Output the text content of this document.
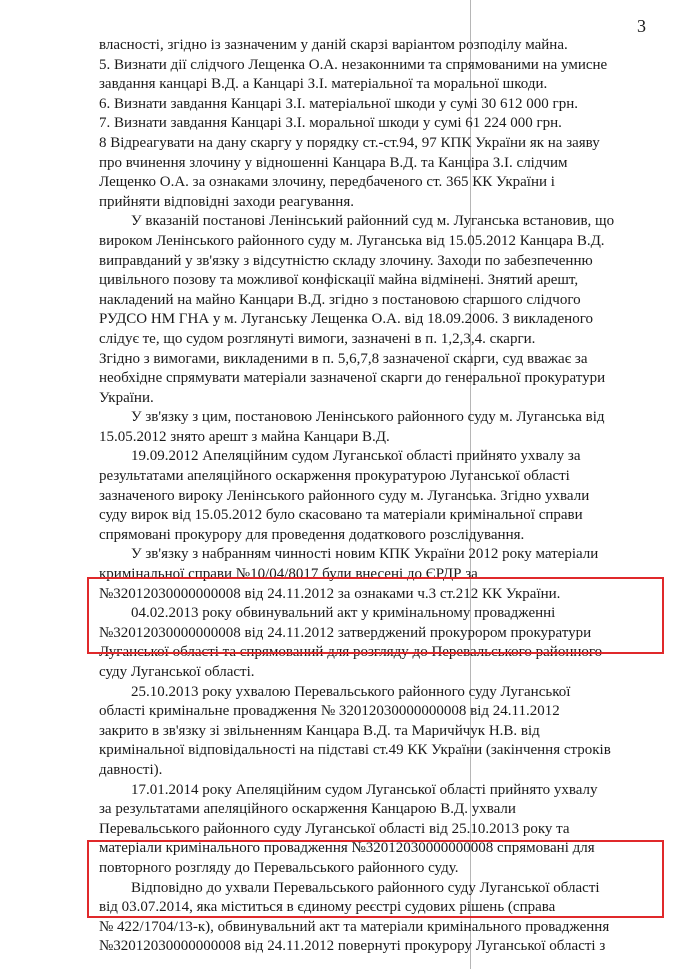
3

власності, згідно із зазначеним у даній скарзі варіантом розподілу майна.
5. Визнати дії слідчого Лещенка О.А. незаконними та спрямованими на умисне
завдання канцарі В.Д. а Канцарі З.І. матеріальної та моральної шкоди.
6. Визнати завдання Канцарі З.І. матеріальної шкоди у сумі 30 612 000 грн.
7. Визнати завдання Канцарі З.І. моральної шкоди у сумі 61 224 000 грн.
8 Відреагувати на дану скаргу у порядку ст.-ст.94, 97 КПК України як на заяву
про вчинення злочину у відношенні Канцара В.Д. та Канціра З.І. слідчим
Лещенко О.А. за ознаками злочину, передбаченого ст. 365 КК України і
прийняти відповідні заходи реагування.

У вказаній постанові Ленінський районний суд м. Луганська встановив, що
вироком Ленінського районного суду м. Луганська від 15.05.2012 Канцара В.Д.
виправданий у зв'язку з відсутністю складу злочину. Заходи по забезпеченню
цивільного позову та можливої конфіскації майна відмінені. Знятий арешт,
накладений на майно Канцари В.Д. згідно з постановою старшого слідчого
РУДСО НМ ГНА у м. Луганську Лещенка О.А. від 18.09.2006. З викладеного
слідує те, що судом розглянуті вимоги, зазначені в п. 1,2,3,4. скарги.

Згідно з вимогами, викладеними в п. 5,6,7,8 зазначеної скарги, суд вважає за
необхідне спрямувати матеріали зазначеної скарги до генеральної прокуратури
України.

У зв'язку з цим, постановою Ленінського районного суду м. Луганська від
15.05.2012 знято арешт з майна Канцари В.Д.

19.09.2012 Апеляційним судом Луганської області прийнято ухвалу за
результатами апеляційного оскарження прокуратурою Луганської області
зазначеного вироку Ленінського районного суду м. Луганська. Згідно ухвали
суду вирок від 15.05.2012 було скасовано та матеріали кримінальної справи
спрямовані прокурору для проведення додаткового розслідування.

У зв'язку з набранням чинності новим КПК України 2012 року матеріали
кримінальної справи №10/04/8017 були внесені до ЄРДР за
№32012030000000008 від 24.11.2012 за ознаками ч.3 ст.212 КК України.

04.02.2013 року обвинувальний акт у кримінальному провадженні
№32012030000000008 від 24.11.2012 затверджений прокурором прокуратури
Луганської області та спрямований для розгляду до Перевальського районного
суду Луганської області.

25.10.2013 року ухвалою Перевальського районного суду Луганської
області кримінальне провадження № 32012030000000008 від 24.11.2012
закрито в зв'язку зі звільненням Канцара В.Д. та Маричйчук Н.В. від
кримінальної відповідальності на підставі ст.49 КК України (закінчення строків
давності).

17.01.2014 року Апеляційним судом Луганської області прийнято ухвалу
за результатами апеляційного оскарження Канцарою В.Д. ухвали
Перевальського районного суду Луганської області від 25.10.2013 року та
матеріали кримінального провадження №32012030000000008 спрямовані для
повторного розгляду до Перевальського районного суду.

Відповідно до ухвали Перевальського районного суду Луганської області
від 03.07.2014, яка міститься в єдиному реєстрі судових рішень (справа
№ 422/1704/13-к), обвинувальний акт та матеріали кримінального провадження
№32012030000000008 від 24.11.2012 повернуті прокурору Луганської області з
